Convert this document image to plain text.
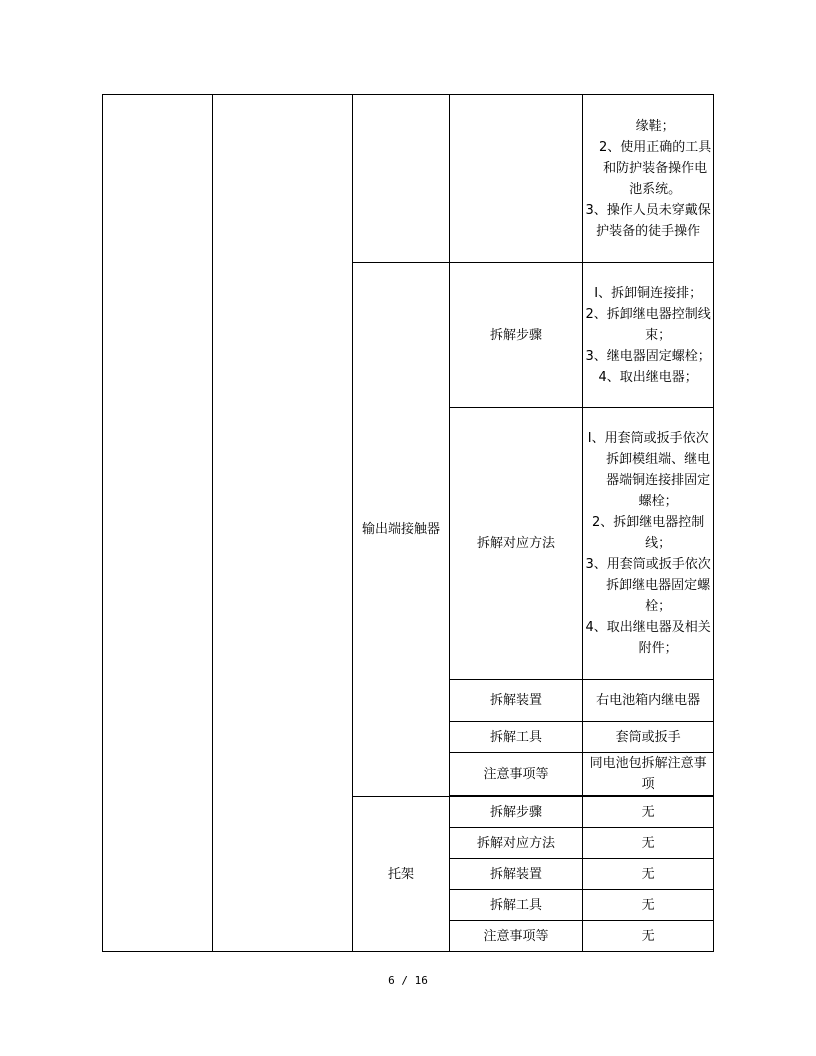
				缘鞋；
2、使用正确的工具和防护装备操作电池系统。
3、操作人员未穿戴保护装备的徒手操作

		输出端接触器	拆解步骤	I、拆卸铜连接排；
2、拆卸继电器控制线束；
3、继电器固定螺栓；
4、取出继电器；

			拆解对应方法	I、用套筒或扳手依次拆卸模组端、继电器端铜连接排固定螺栓；
2、拆卸继电器控制线；
3、用套筒或扳手依次拆卸继电器固定螺栓；
4、取出继电器及相关附件；

			拆解装置	右电池箱内继电器
			拆解工具	套筒或扳手
			注意事项等	同电池包拆解注意事项

		托架	拆解步骤	无
			拆解对应方法	无
			拆解装置	无
			拆解工具	无
			注意事项等	无
6 / 16
